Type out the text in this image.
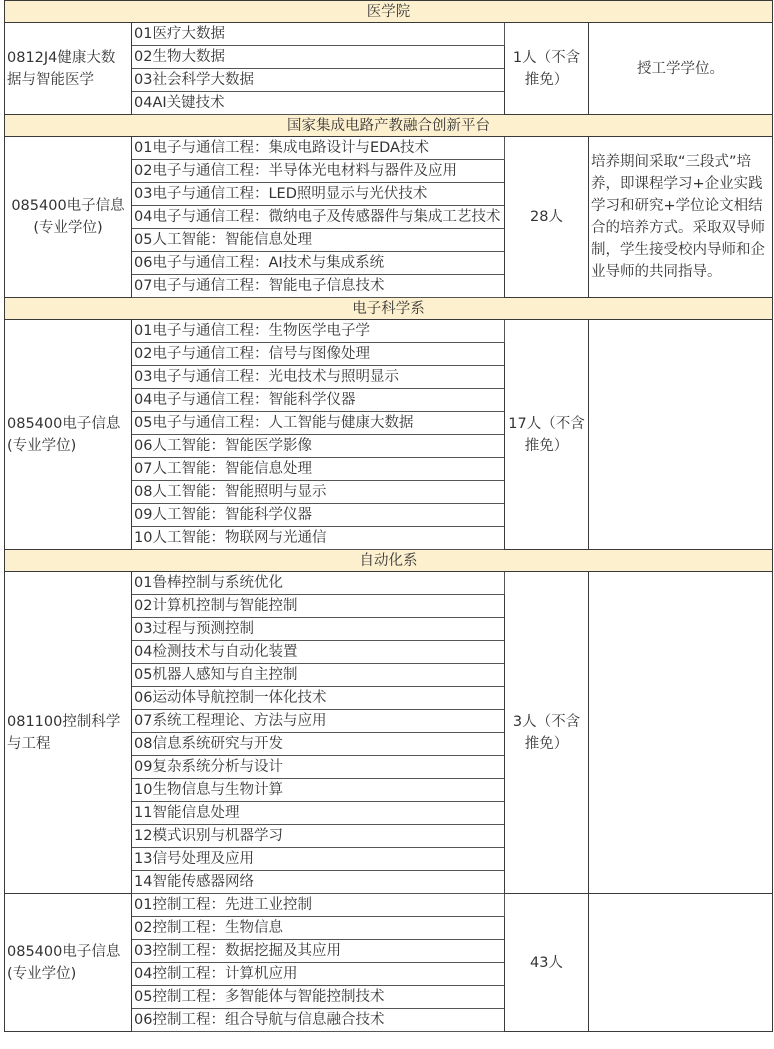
医学院			
0812J4健康大数据与智能医学	01医疗大数据	1人（不含推免）	授工学学位。
	02生物大数据		
	03社会科学大数据		
	04AI关键技术		
国家集成电路产教融合创新平台			
085400电子信息(专业学位)	01电子与通信工程：集成电路设计与EDA技术	28人	培养期间采取“三段式”培养，即课程学习+企业实践学习和研究+学位论文相结合的培养方式。采取双导师制，学生接受校内导师和企业导师的共同指导。
	02电子与通信工程：半导体光电材料与器件及应用		
	03电子与通信工程：LED照明显示与光伏技术		
	04电子与通信工程：微纳电子及传感器件与集成工艺技术		
	05人工智能：智能信息处理		
	06电子与通信工程：AI技术与集成系统		
	07电子与通信工程：智能电子信息技术		
电子科学系			
085400电子信息(专业学位)	01电子与通信工程：生物医学电子学	17人（不含推免）	
	02电子与通信工程：信号与图像处理		
	03电子与通信工程：光电技术与照明显示		
	04电子与通信工程：智能科学仪器		
	05电子与通信工程：人工智能与健康大数据		
	06人工智能：智能医学影像		
	07人工智能：智能信息处理		
	08人工智能：智能照明与显示		
	09人工智能：智能科学仪器		
	10人工智能：物联网与光通信		
自动化系			
081100控制科学与工程	01鲁棒控制与系统优化	3人（不含推免）	
	02计算机控制与智能控制		
	03过程与预测控制		
	04检测技术与自动化装置		
	05机器人感知与自主控制		
	06运动体导航控制一体化技术		
	07系统工程理论、方法与应用		
	08信息系统研究与开发		
	09复杂系统分析与设计		
	10生物信息与生物计算		
	11智能信息处理		
	12模式识别与机器学习		
	13信号处理及应用		
	14智能传感器网络		
085400电子信息(专业学位)	01控制工程：先进工业控制	43人	
	02控制工程：生物信息		
	03控制工程：数据挖掘及其应用		
	04控制工程：计算机应用		
	05控制工程：多智能体与智能控制技术		
	06控制工程：组合导航与信息融合技术		
